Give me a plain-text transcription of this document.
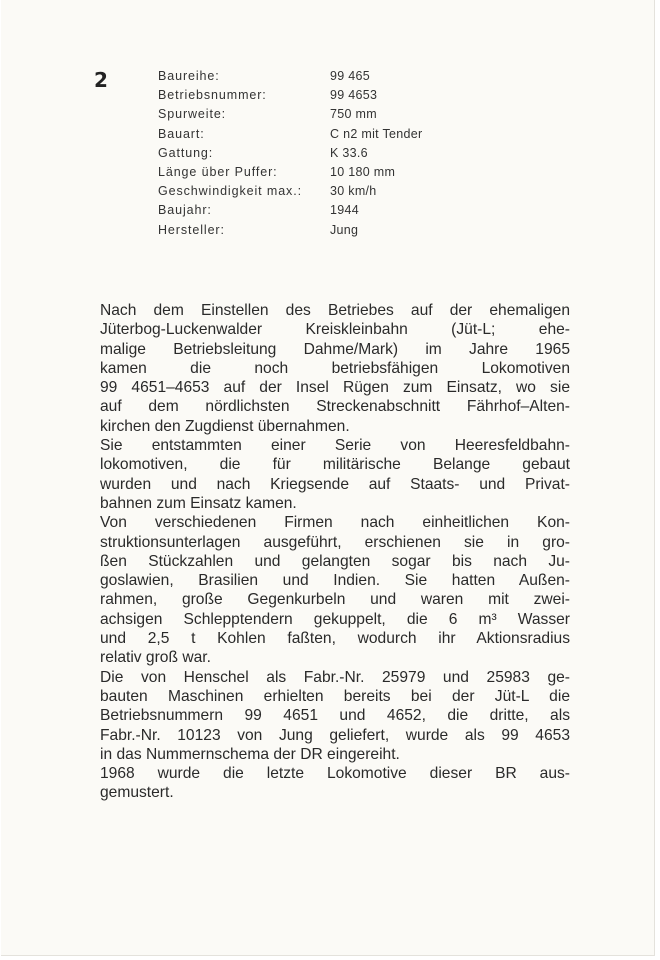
2	Baureihe:	99 465
Betriebsnummer:	99 4653
Spurweite:	750 mm
Bauart:	C n2 mit Tender
Gattung:	K 33.6
Länge über Puffer:	10 180 mm
Geschwindigkeit max.:	30 km/h
Baujahr:	1944
Hersteller:	Jung
Nach dem Einstellen des Betriebes auf der ehemaligen
Jüterbog-Luckenwalder Kreiskleinbahn (Jüt-L; ehe-
malige Betriebsleitung Dahme/Mark) im Jahre 1965
kamen die noch betriebsfähigen Lokomotiven
99 4651–4653 auf der Insel Rügen zum Einsatz, wo sie
auf dem nördlichsten Streckenabschnitt Fährhof–Alten-
kirchen den Zugdienst übernahmen.
Sie entstammten einer Serie von Heeresfeldbahn-
lokomotiven, die für militärische Belange gebaut
wurden und nach Kriegsende auf Staats- und Privat-
bahnen zum Einsatz kamen.
Von verschiedenen Firmen nach einheitlichen Kon-
struktionsunterlagen ausgeführt, erschienen sie in gro-
ßen Stückzahlen und gelangten sogar bis nach Ju-
goslawien, Brasilien und Indien. Sie hatten Außen-
rahmen, große Gegenkurbeln und waren mit zwei-
achsigen Schlepptendern gekuppelt, die 6 m³ Wasser
und 2,5 t Kohlen faßten, wodurch ihr Aktionsradius
relativ groß war.
Die von Henschel als Fabr.-Nr. 25979 und 25983 ge-
bauten Maschinen erhielten bereits bei der Jüt-L die
Betriebsnummern 99 4651 und 4652, die dritte, als
Fabr.-Nr. 10123 von Jung geliefert, wurde als 99 4653
in das Nummernschema der DR eingereiht.
1968 wurde die letzte Lokomotive dieser BR aus-
gemustert.
